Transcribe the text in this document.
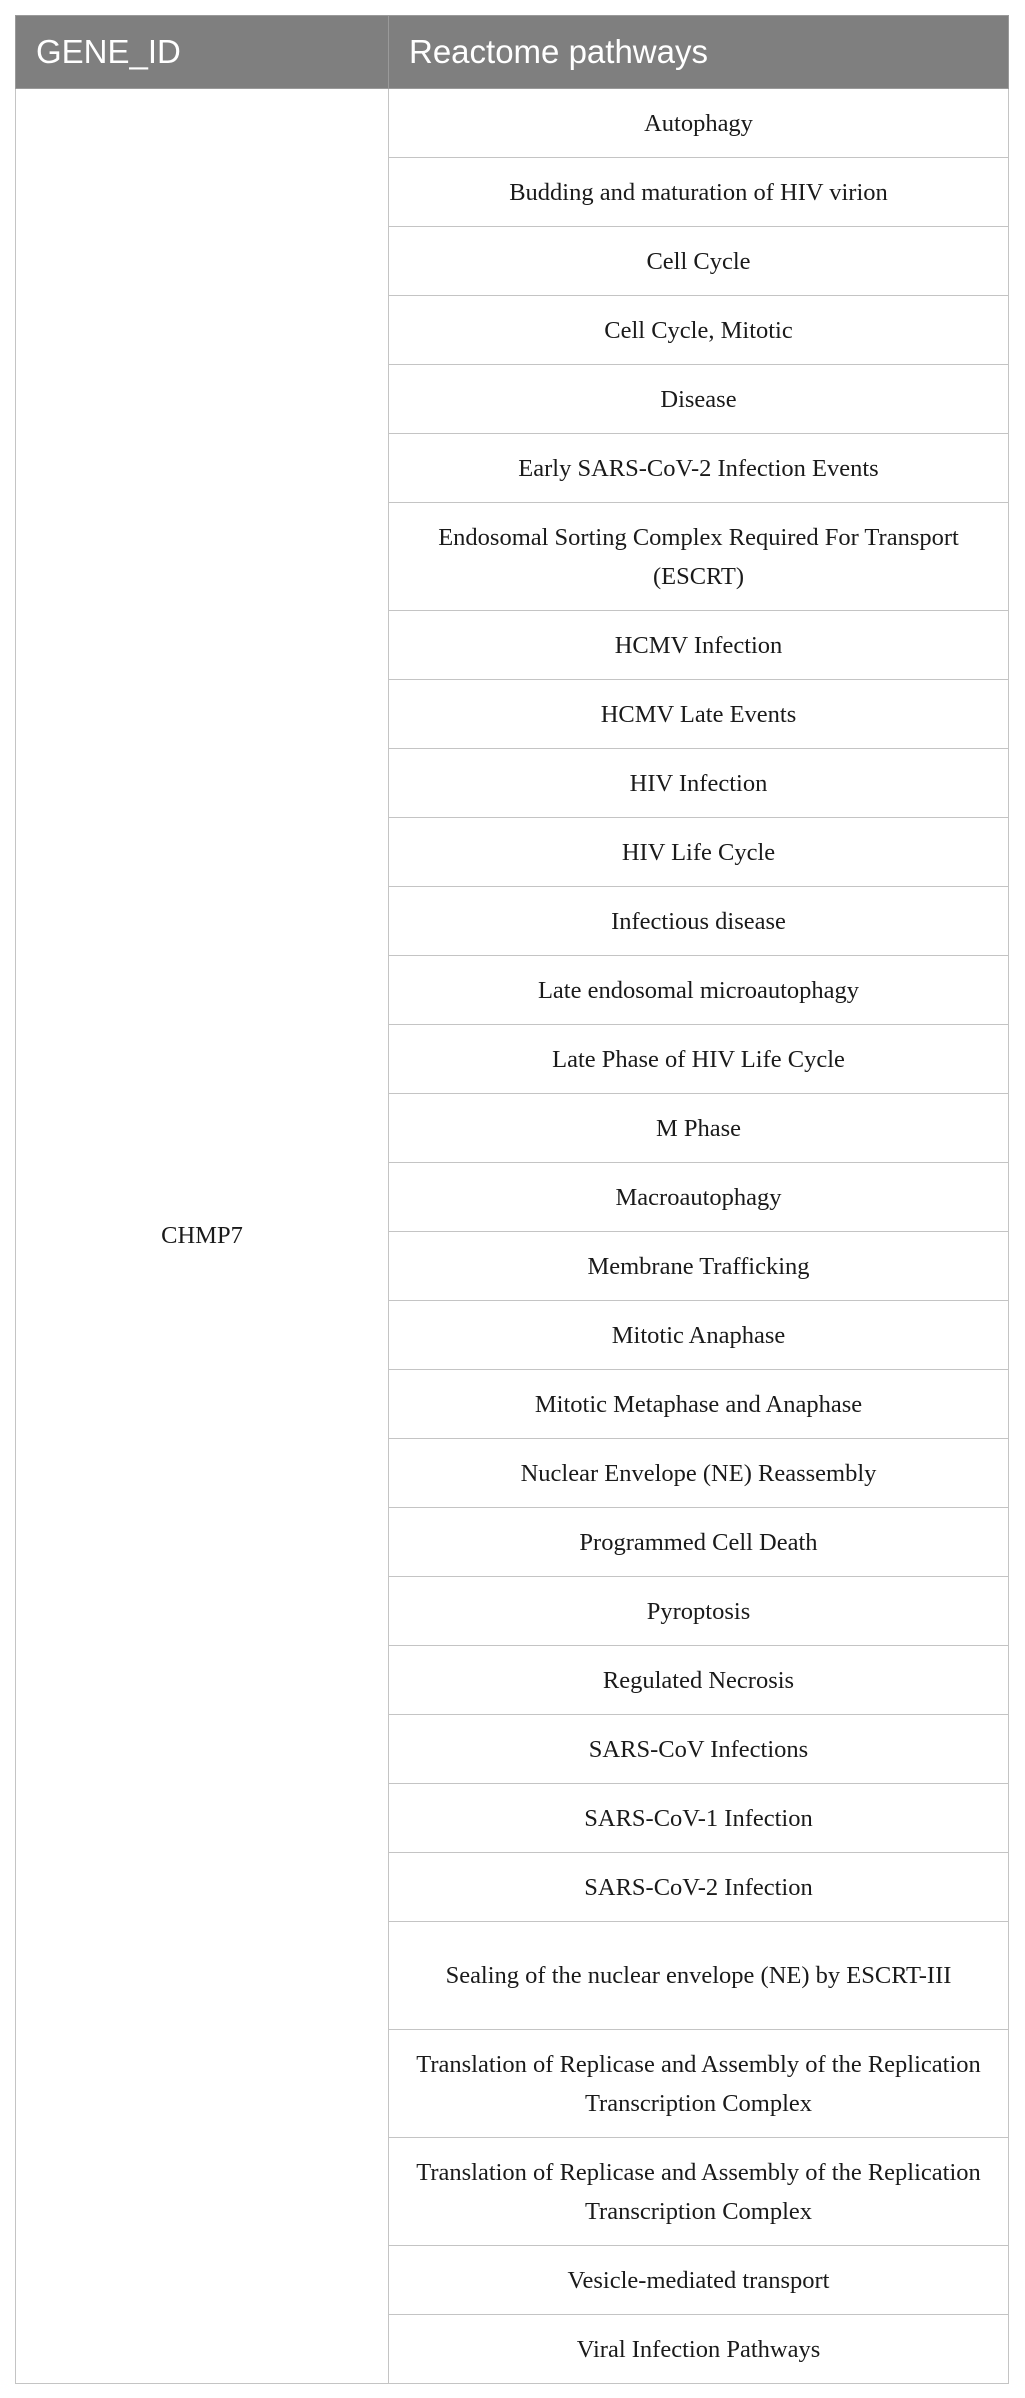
GENE_ID	Reactome pathways
CHMP7	Autophagy
	Budding and maturation of HIV virion
	Cell Cycle
	Cell Cycle, Mitotic
	Disease
	Early SARS-CoV-2 Infection Events
	Endosomal Sorting Complex Required For Transport (ESCRT)
	HCMV Infection
	HCMV Late Events
	HIV Infection
	HIV Life Cycle
	Infectious disease
	Late endosomal microautophagy
	Late Phase of HIV Life Cycle
	M Phase
	Macroautophagy
	Membrane Trafficking
	Mitotic Anaphase
	Mitotic Metaphase and Anaphase
	Nuclear Envelope (NE) Reassembly
	Programmed Cell Death
	Pyroptosis
	Regulated Necrosis
	SARS-CoV Infections
	SARS-CoV-1 Infection
	SARS-CoV-2 Infection
	Sealing of the nuclear envelope (NE) by ESCRT-III
	Translation of Replicase and Assembly of the Replication Transcription Complex
	Translation of Replicase and Assembly of the Replication Transcription Complex
	Vesicle-mediated transport
	Viral Infection Pathways
